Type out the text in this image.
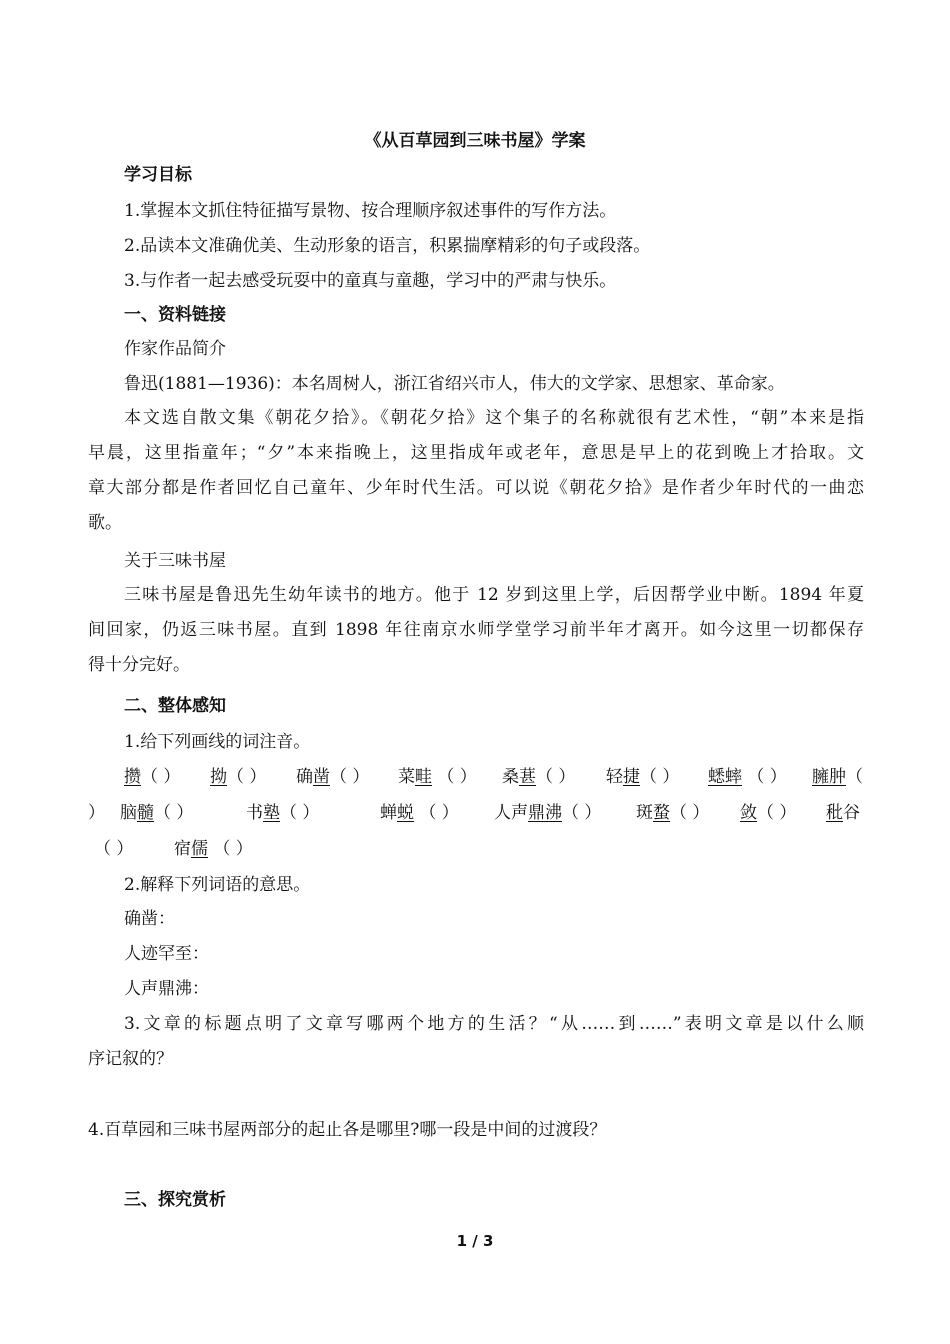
《从百草园到三味书屋》学案
学习目标
1.掌握本文抓住特征描写景物、按合理顺序叙述事件的写作方法。
2.品读本文准确优美、生动形象的语言，积累揣摩精彩的句子或段落。
3.与作者一起去感受玩耍中的童真与童趣，学习中的严肃与快乐。
一、资料链接
作家作品简介
鲁迅(1881—1936)：本名周树人，浙江省绍兴市人，伟大的文学家、思想家、革命家。
本文选自散文集《朝花夕拾》。《朝花夕拾》这个集子的名称就很有艺术性，“朝”本来是指
早晨，这里指童年；“夕”本来指晚上，这里指成年或老年，意思是早上的花到晚上才拾取。文
章大部分都是作者回忆自己童年、少年时代生活。可以说《朝花夕拾》是作者少年时代的一曲恋
歌。
关于三味书屋
三味书屋是鲁迅先生幼年读书的地方。他于 12 岁到这里上学，后因帮学业中断。1894 年夏
间回家，仍返三味书屋。直到 1898 年往南京水师学堂学习前半年才离开。如今这里一切都保存
得十分完好。
二、整体感知
1.给下列画线的词注音。
攒（ ） 拗（ ） 确凿（ ） 菜畦 （ ） 桑葚（ ） 轻捷（ ） 蟋蟀 （ ） 臃肿（
） 脑髓（ ）	书塾（ ）	蝉蜕 （ ） 人声鼎沸（ ） 斑蝥（ ） 敛（ ） 秕谷
（ ） 宿儒 （ ）
2.解释下列词语的意思。
确凿：
人迹罕至：
人声鼎沸：
3.文章的标题点明了文章写哪两个地方的生活？“从……到……”表明文章是以什么顺
序记叙的？
4.百草园和三味书屋两部分的起止各是哪里?哪一段是中间的过渡段？
三、探究赏析
1 / 3
